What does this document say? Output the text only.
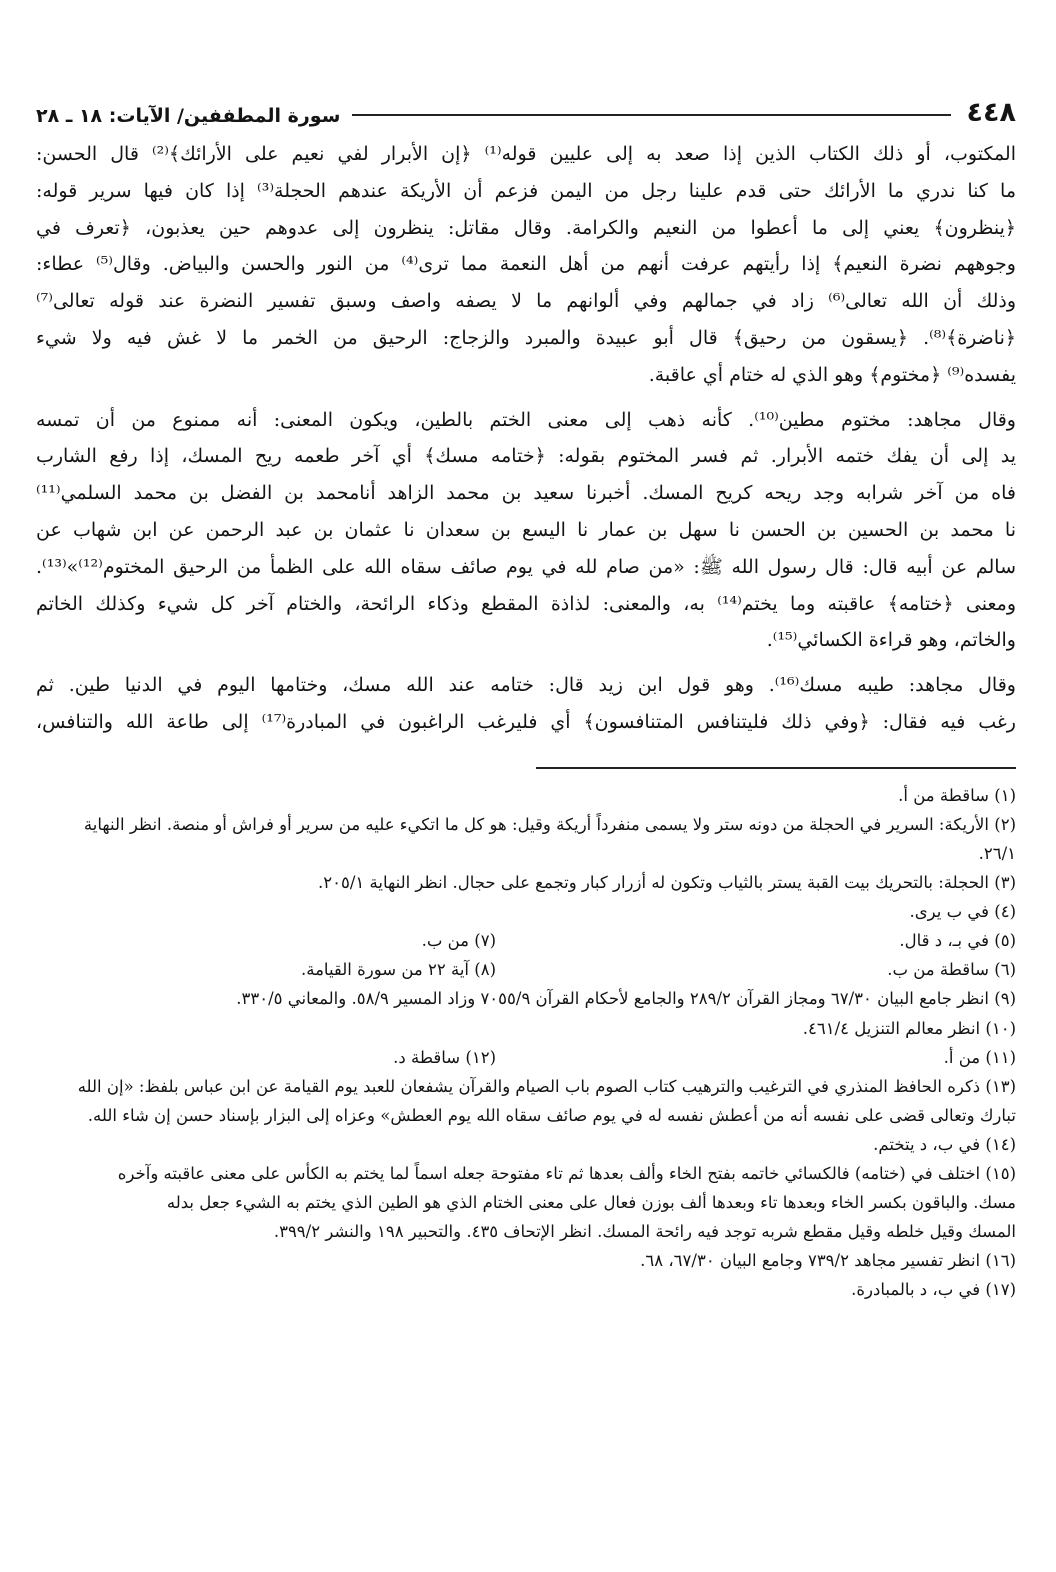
٤٤٨
سورة المطففين/ الآيات: ١٨ ـ ٢٨
المكتوب، أو ذلك الكتاب الذين إذا صعد به إلى عليين قوله⁽¹⁾ ﴿إن الأبرار لفي نعيم على الأرائك﴾⁽²⁾ قال الحسن:
ما كنا ندري ما الأرائك حتى قدم علينا رجل من اليمن فزعم أن الأريكة عندهم الحجلة⁽³⁾ إذا كان فيها سرير قوله:
﴿ينظرون﴾ يعني إلى ما أعطوا من النعيم والكرامة. وقال مقاتل: ينظرون إلى عدوهم حين يعذبون، ﴿تعرف في
وجوههم نضرة النعيم﴾ إذا رأيتهم عرفت أنهم من أهل النعمة مما ترى⁽⁴⁾ من النور والحسن والبياض. وقال⁽⁵⁾ عطاء:
وذلك أن الله تعالى⁽⁶⁾ زاد في جمالهم وفي ألوانهم ما لا يصفه واصف وسبق تفسير النضرة عند قوله تعالى⁽⁷⁾
﴿ناضرة﴾⁽⁸⁾. ﴿يسقون من رحيق﴾ قال أبو عبيدة والمبرد والزجاج: الرحيق من الخمر ما لا غش فيه ولا شيء
يفسده⁽⁹⁾ ﴿مختوم﴾ وهو الذي له ختام أي عاقبة.
وقال مجاهد: مختوم مطين⁽¹⁰⁾. كأنه ذهب إلى معنى الختم بالطين، ويكون المعنى: أنه ممنوع من أن تمسه
يد إلى أن يفك ختمه الأبرار. ثم فسر المختوم بقوله: ﴿ختامه مسك﴾ أي آخر طعمه ريح المسك، إذا رفع الشارب
فاه من آخر شرابه وجد ريحه كريح المسك. أخبرنا سعيد بن محمد الزاهد أنامحمد بن الفضل بن محمد السلمي⁽¹¹⁾
نا محمد بن الحسين بن الحسن نا سهل بن عمار نا اليسع بن سعدان نا عثمان بن عبد الرحمن عن ابن شهاب عن
سالم عن أبيه قال: قال رسول الله ﷺ: «من صام لله في يوم صائف سقاه الله على الظمأ من الرحيق المختوم⁽¹²⁾»⁽¹³⁾.
ومعنى ﴿ختامه﴾ عاقبته وما يختم⁽¹⁴⁾ به، والمعنى: لذاذة المقطع وذكاء الرائحة، والختام آخر كل شيء وكذلك الخاتم
والخاتم، وهو قراءة الكسائي⁽¹⁵⁾.
وقال مجاهد: طيبه مسك⁽¹⁶⁾. وهو قول ابن زيد قال: ختامه عند الله مسك، وختامها اليوم في الدنيا طين. ثم
رغب فيه فقال: ﴿وفي ذلك فليتنافس المتنافسون﴾ أي فليرغب الراغبون في المبادرة⁽¹⁷⁾ إلى طاعة الله والتنافس،
(١) ساقطة من أ.
(٢) الأريكة: السرير في الحجلة من دونه ستر ولا يسمى منفرداً أريكة وقيل: هو كل ما اتكيء عليه من سرير أو فراش أو منصة. انظر النهاية
٢٦/١.
(٣) الحجلة: بالتحريك بيت القبة يستر بالثياب وتكون له أزرار كبار وتجمع على حجال. انظر النهاية ٢٠٥/١.
(٤) في ب يرى.
(٥) في بـ، د قال.
(٧) من ب.
(٦) ساقطة من ب.
(٨) آية ٢٢ من سورة القيامة.
(٩) انظر جامع البيان ٦٧/٣٠ ومجاز القرآن ٢٨٩/٢ والجامع لأحكام القرآن ٧٠٥٥/٩ وزاد المسير ٥٨/٩. والمعاني ٣٣٠/٥.
(١٠) انظر معالم التنزيل ٤٦١/٤.
(١١) من أ.
(١٢) ساقطة د.
(١٣) ذكره الحافظ المنذري في الترغيب والترهيب كتاب الصوم باب الصيام والقرآن يشفعان للعبد يوم القيامة عن ابن عباس بلفظ: «إن الله
تبارك وتعالى قضى على نفسه أنه من أعطش نفسه له في يوم صائف سقاه الله يوم العطش» وعزاه إلى البزار بإسناد حسن إن شاء الله.
(١٤) في ب، د يتختم.
(١٥) اختلف في (ختامه) فالكسائي خاتمه بفتح الخاء وألف بعدها ثم تاء مفتوحة جعله اسماً لما يختم به الكأس على معنى عاقبته وآخره
مسك. والباقون بكسر الخاء وبعدها تاء وبعدها ألف بوزن فعال على معنى الختام الذي هو الطين الذي يختم به الشيء جعل بدله
المسك وقيل خلطه وقيل مقطع شربه توجد فيه رائحة المسك. انظر الإتحاف ٤٣٥. والتحبير ١٩٨ والنشر ٣٩٩/٢.
(١٦) انظر تفسير مجاهد ٧٣٩/٢ وجامع البيان ٦٧/٣٠، ٦٨.
(١٧) في ب، د بالمبادرة.
